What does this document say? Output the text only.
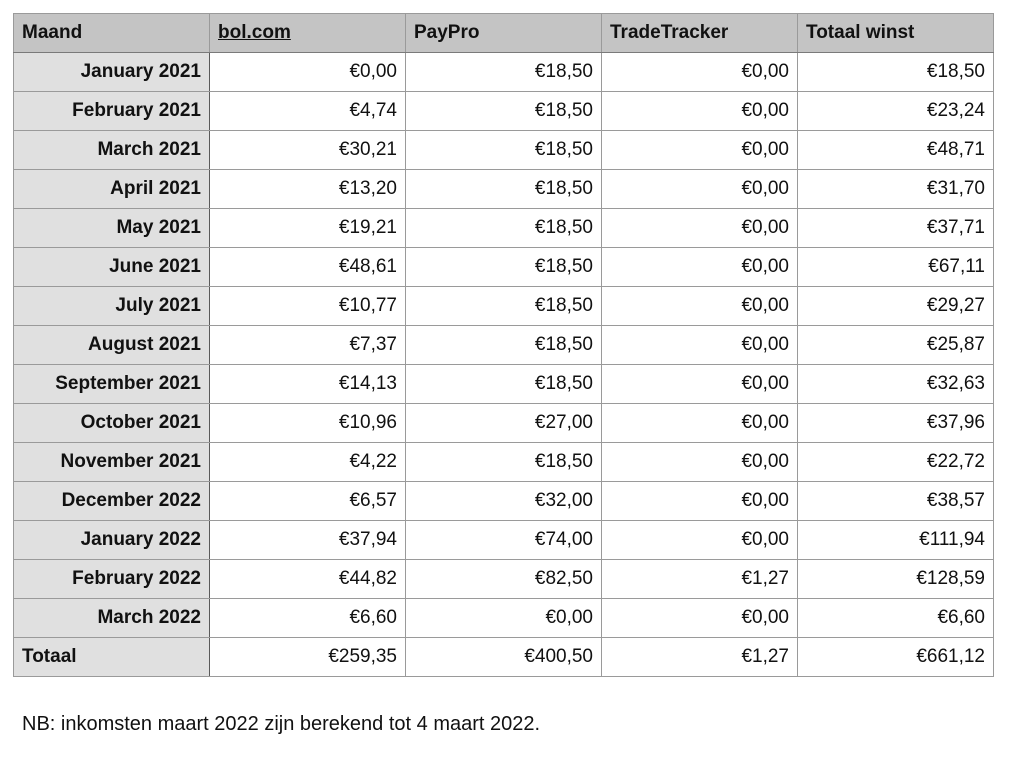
Maand	bol.com	PayPro	TradeTracker	Totaal winst
January 2021	€0,00	€18,50	€0,00	€18,50
February 2021	€4,74	€18,50	€0,00	€23,24
March 2021	€30,21	€18,50	€0,00	€48,71
April 2021	€13,20	€18,50	€0,00	€31,70
May 2021	€19,21	€18,50	€0,00	€37,71
June 2021	€48,61	€18,50	€0,00	€67,11
July 2021	€10,77	€18,50	€0,00	€29,27
August 2021	€7,37	€18,50	€0,00	€25,87
September 2021	€14,13	€18,50	€0,00	€32,63
October 2021	€10,96	€27,00	€0,00	€37,96
November 2021	€4,22	€18,50	€0,00	€22,72
December 2022	€6,57	€32,00	€0,00	€38,57
January 2022	€37,94	€74,00	€0,00	€111,94
February 2022	€44,82	€82,50	€1,27	€128,59
March 2022	€6,60	€0,00	€0,00	€6,60
Totaal	€259,35	€400,50	€1,27	€661,12
NB: inkomsten maart 2022 zijn berekend tot 4 maart 2022.
